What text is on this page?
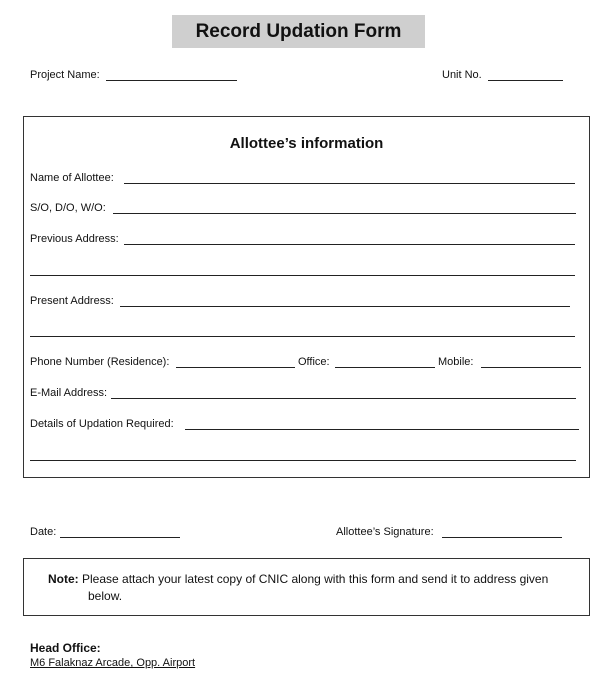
Record Updation Form
Project Name:	Unit No.
Allottee’s information
Name of Allottee:
S/O, D/O, W/O:
Previous Address:
Present Address:
Phone Number (Residence):	Office:	Mobile:
E-Mail Address:
Details of Updation Required:
Date:	Allottee’s Signature:
Note: Please attach your latest copy of CNIC along with this form and send it to address given
below.
Head Office:
M6 Falaknaz Arcade, Opp. Airport
